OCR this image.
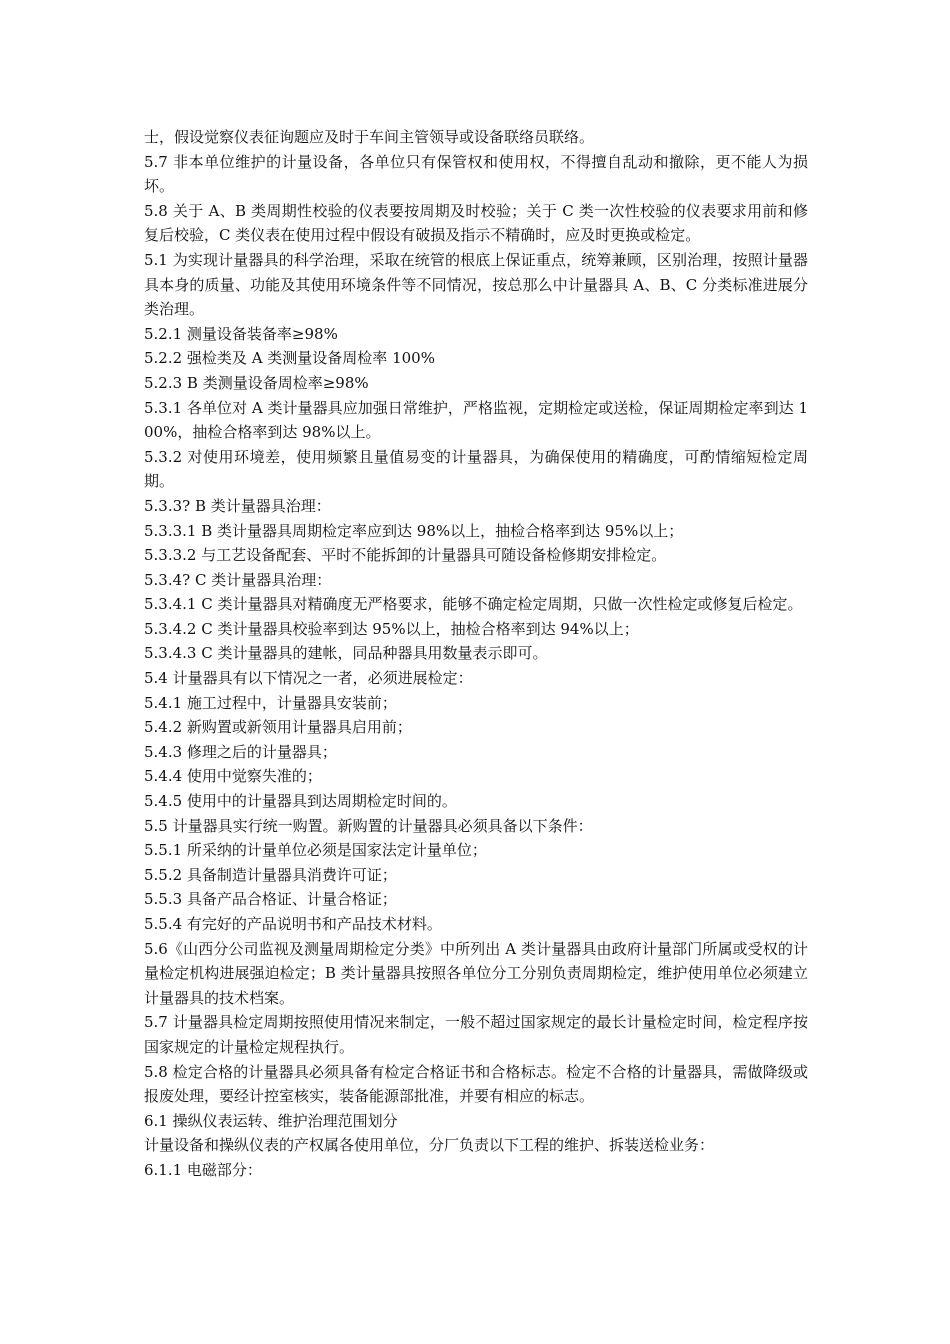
士，假设觉察仪表征询题应及时于车间主管领导或设备联络员联络。

5.7 非本单位维护的计量设备，各单位只有保管权和使用权，不得擅自乱动和撤除，更不能人为损坏。

5.8 关于 A、B 类周期性校验的仪表要按周期及时校验；关于 C 类一次性校验的仪表要求用前和修复后校验，C 类仪表在使用过程中假设有破损及指示不精确时，应及时更换或检定。

5.1 为实现计量器具的科学治理，采取在统管的根底上保证重点，统筹兼顾，区别治理，按照计量器具本身的质量、功能及其使用环境条件等不同情况，按总那么中计量器具 A、B、C 分类标准进展分类治理。

5.2.1 测量设备装备率≥98%

5.2.2 强检类及 A 类测量设备周检率 100%

5.2.3 B 类测量设备周检率≥98%

5.3.1 各单位对 A 类计量器具应加强日常维护，严格监视，定期检定或送检，保证周期检定率到达 100%，抽检合格率到达 98%以上。

5.3.2 对使用环境差，使用频繁且量值易变的计量器具，为确保使用的精确度，可酌情缩短检定周期。

5.3.3? B 类计量器具治理：

5.3.3.1 B 类计量器具周期检定率应到达 98%以上，抽检合格率到达 95%以上；

5.3.3.2 与工艺设备配套、平时不能拆卸的计量器具可随设备检修期安排检定。

5.3.4? C 类计量器具治理：

5.3.4.1 C 类计量器具对精确度无严格要求，能够不确定检定周期，只做一次性检定或修复后检定。

5.3.4.2 C 类计量器具校验率到达 95%以上，抽检合格率到达 94%以上；

5.3.4.3 C 类计量器具的建帐，同品种器具用数量表示即可。

5.4 计量器具有以下情况之一者，必须进展检定：

5.4.1 施工过程中，计量器具安装前；

5.4.2 新购置或新领用计量器具启用前；

5.4.3 修理之后的计量器具；

5.4.4 使用中觉察失准的；

5.4.5 使用中的计量器具到达周期检定时间的。

5.5 计量器具实行统一购置。新购置的计量器具必须具备以下条件：

5.5.1 所采纳的计量单位必须是国家法定计量单位；

5.5.2 具备制造计量器具消费许可证；

5.5.3 具备产品合格证、计量合格证；

5.5.4 有完好的产品说明书和产品技术材料。

5.6《山西分公司监视及测量周期检定分类》中所列出 A 类计量器具由政府计量部门所属或受权的计量检定机构进展强迫检定；B 类计量器具按照各单位分工分别负责周期检定，维护使用单位必须建立计量器具的技术档案。

5.7 计量器具检定周期按照使用情况来制定，一般不超过国家规定的最长计量检定时间，检定程序按国家规定的计量检定规程执行。

5.8 检定合格的计量器具必须具备有检定合格证书和合格标志。检定不合格的计量器具，需做降级或报废处理，要经计控室核实，装备能源部批准，并要有相应的标志。

6.1 操纵仪表运转、维护治理范围划分

计量设备和操纵仪表的产权属各使用单位，分厂负责以下工程的维护、拆装送检业务：

6.1.1 电磁部分：
